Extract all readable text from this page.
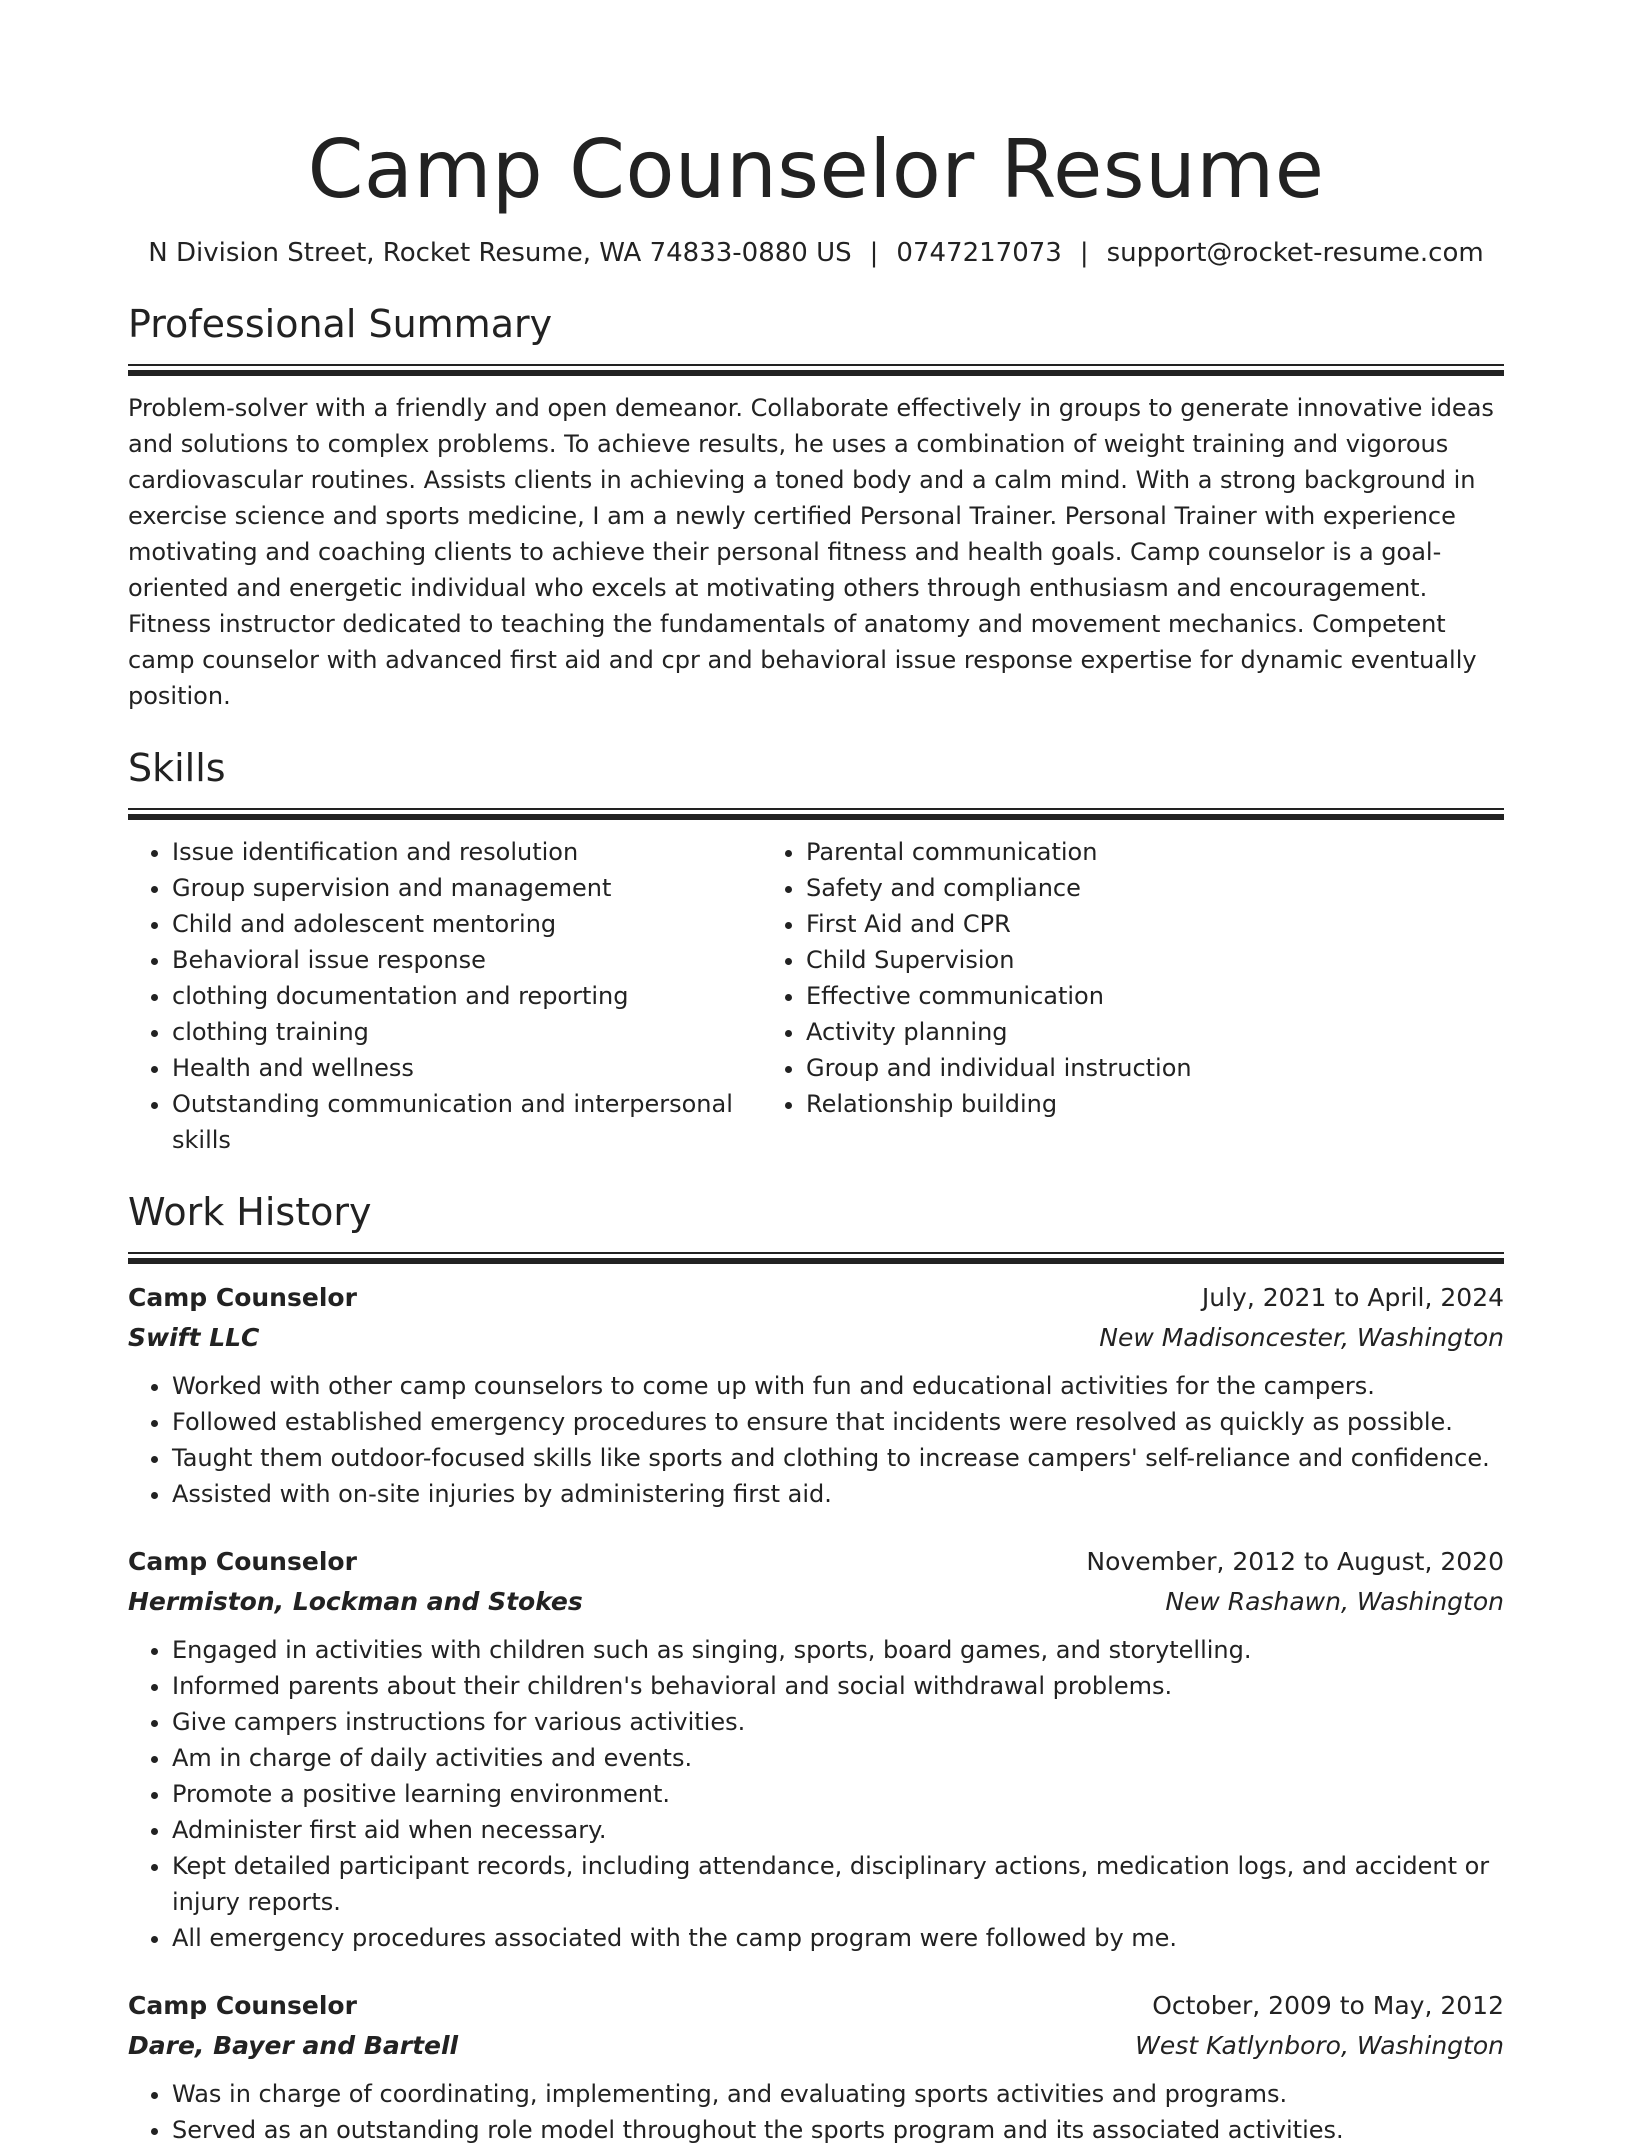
Camp Counselor Resume
N Division Street, Rocket Resume, WA 74833-0880 US | 0747217073 | support@rocket-resume.com
Professional Summary

Problem-solver with a friendly and open demeanor. Collaborate effectively in groups to generate innovative ideas and solutions to complex problems. To achieve results, he uses a combination of weight training and vigorous cardiovascular routines. Assists clients in achieving a toned body and a calm mind. With a strong background in exercise science and sports medicine, I am a newly certified Personal Trainer. Personal Trainer with experience motivating and coaching clients to achieve their personal fitness and health goals. Camp counselor is a goal-oriented and energetic individual who excels at motivating others through enthusiasm and encouragement. Fitness instructor dedicated to teaching the fundamentals of anatomy and movement mechanics. Competent camp counselor with advanced first aid and cpr and behavioral issue response expertise for dynamic eventually position.

Skills
• Issue identification and resolution
• Group supervision and management
• Child and adolescent mentoring
• Behavioral issue response
• clothing documentation and reporting
• clothing training
• Health and wellness
• Outstanding communication and interpersonal skills
• Parental communication
• Safety and compliance
• First Aid and CPR
• Child Supervision
• Effective communication
• Activity planning
• Group and individual instruction
• Relationship building
Work History
Camp Counselor	July, 2021 to April, 2024
Swift LLC	New Madisoncester, Washington
• Worked with other camp counselors to come up with fun and educational activities for the campers.
• Followed established emergency procedures to ensure that incidents were resolved as quickly as possible.
• Taught them outdoor-focused skills like sports and clothing to increase campers' self-reliance and confidence.
• Assisted with on-site injuries by administering first aid.
Camp Counselor	November, 2012 to August, 2020
Hermiston, Lockman and Stokes	New Rashawn, Washington
• Engaged in activities with children such as singing, sports, board games, and storytelling.
• Informed parents about their children's behavioral and social withdrawal problems.
• Give campers instructions for various activities.
• Am in charge of daily activities and events.
• Promote a positive learning environment.
• Administer first aid when necessary.
• Kept detailed participant records, including attendance, disciplinary actions, medication logs, and accident or injury reports.
• All emergency procedures associated with the camp program were followed by me.
Camp Counselor	October, 2009 to May, 2012
Dare, Bayer and Bartell	West Katlynboro, Washington
• Was in charge of coordinating, implementing, and evaluating sports activities and programs.
• Served as an outstanding role model throughout the sports program and its associated activities.
